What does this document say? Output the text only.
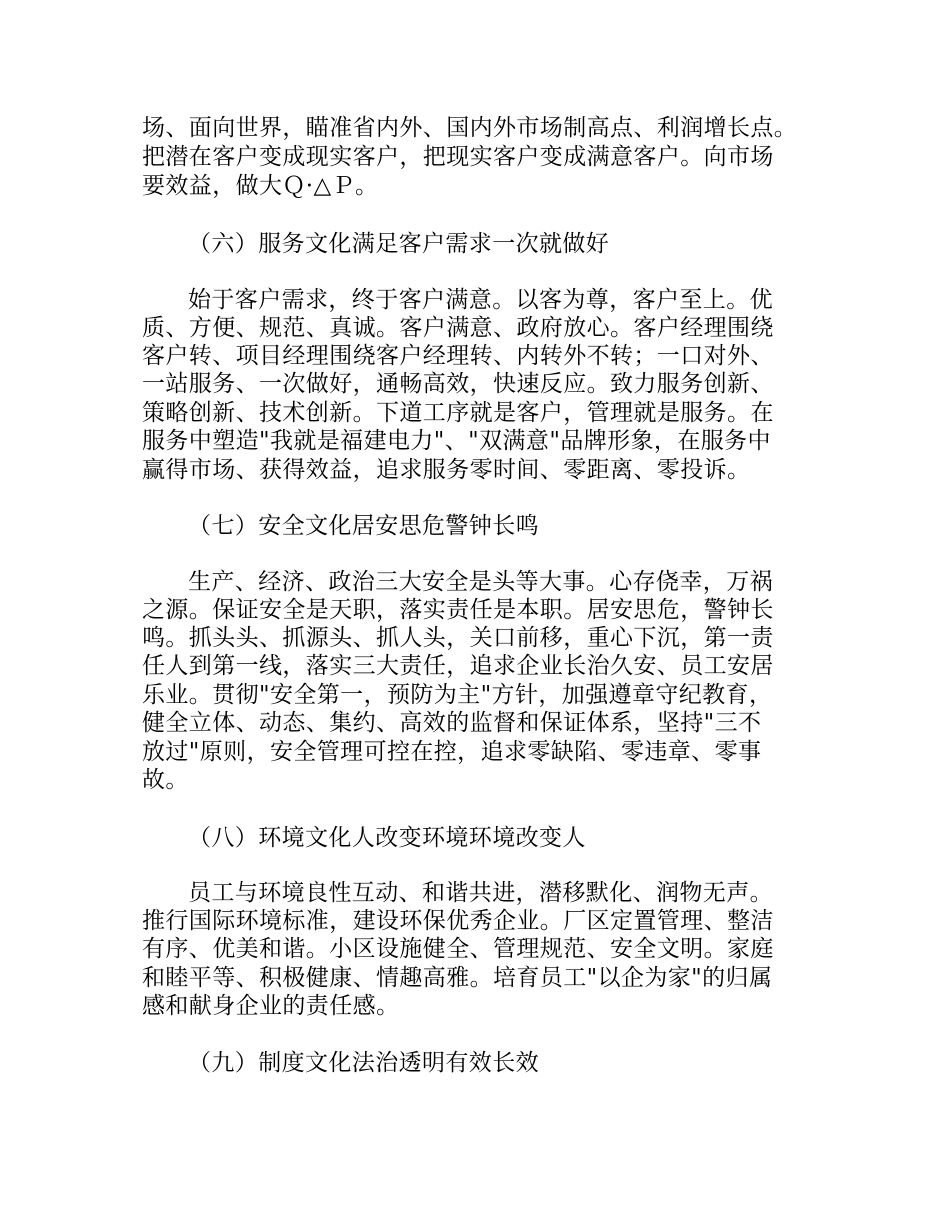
场、面向世界，瞄准省内外、国内外市场制高点、利润增长点。
把潜在客户变成现实客户，把现实客户变成满意客户。向市场
要效益，做大Ｑ·△Ｐ。
（六）服务文化满足客户需求一次就做好
始于客户需求，终于客户满意。以客为尊，客户至上。优
质、方便、规范、真诚。客户满意、政府放心。客户经理围绕
客户转、项目经理围绕客户经理转、内转外不转；一口对外、
一站服务、一次做好，通畅高效，快速反应。致力服务创新、
策略创新、技术创新。下道工序就是客户，管理就是服务。在
服务中塑造"我就是福建电力"、"双满意"品牌形象，在服务中
赢得市场、获得效益，追求服务零时间、零距离、零投诉。
（七）安全文化居安思危警钟长鸣
生产、经济、政治三大安全是头等大事。心存侥幸，万祸
之源。保证安全是天职，落实责任是本职。居安思危，警钟长
鸣。抓头头、抓源头、抓人头，关口前移，重心下沉，第一责
任人到第一线，落实三大责任，追求企业长治久安、员工安居
乐业。贯彻"安全第一，预防为主"方针，加强遵章守纪教育，
健全立体、动态、集约、高效的监督和保证体系，坚持"三不
放过"原则，安全管理可控在控，追求零缺陷、零违章、零事
故。
（八）环境文化人改变环境环境改变人
员工与环境良性互动、和谐共进，潜移默化、润物无声。
推行国际环境标准，建设环保优秀企业。厂区定置管理、整洁
有序、优美和谐。小区设施健全、管理规范、安全文明。家庭
和睦平等、积极健康、情趣高雅。培育员工"以企为家"的归属
感和献身企业的责任感。
（九）制度文化法治透明有效长效
